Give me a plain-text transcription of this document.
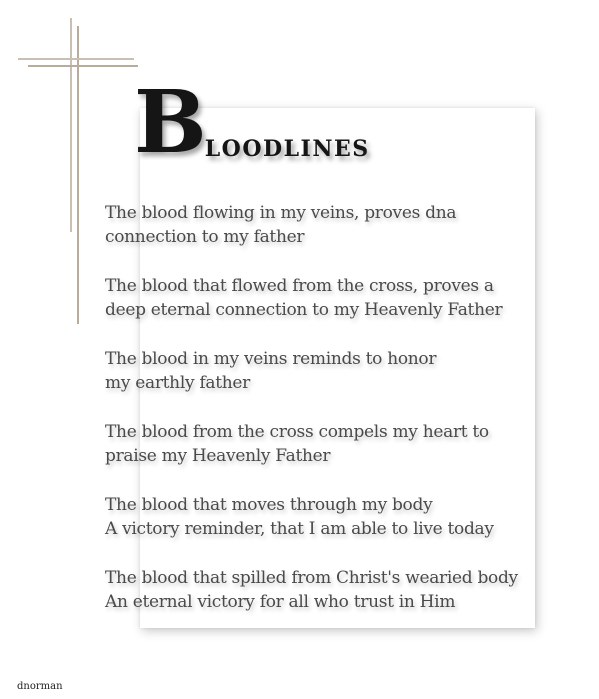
BLOODLINES

The blood flowing in my veins, proves dna
connection to my father

The blood that flowed from the cross, proves a
deep eternal connection to my Heavenly Father

The blood in my veins reminds to honor
my earthly father

The blood from the cross compels my heart to
praise my Heavenly Father

The blood that moves through my body
A victory reminder, that I am able to live today

The blood that spilled from Christ's wearied body
An eternal victory for all who trust in Him

dnorman
